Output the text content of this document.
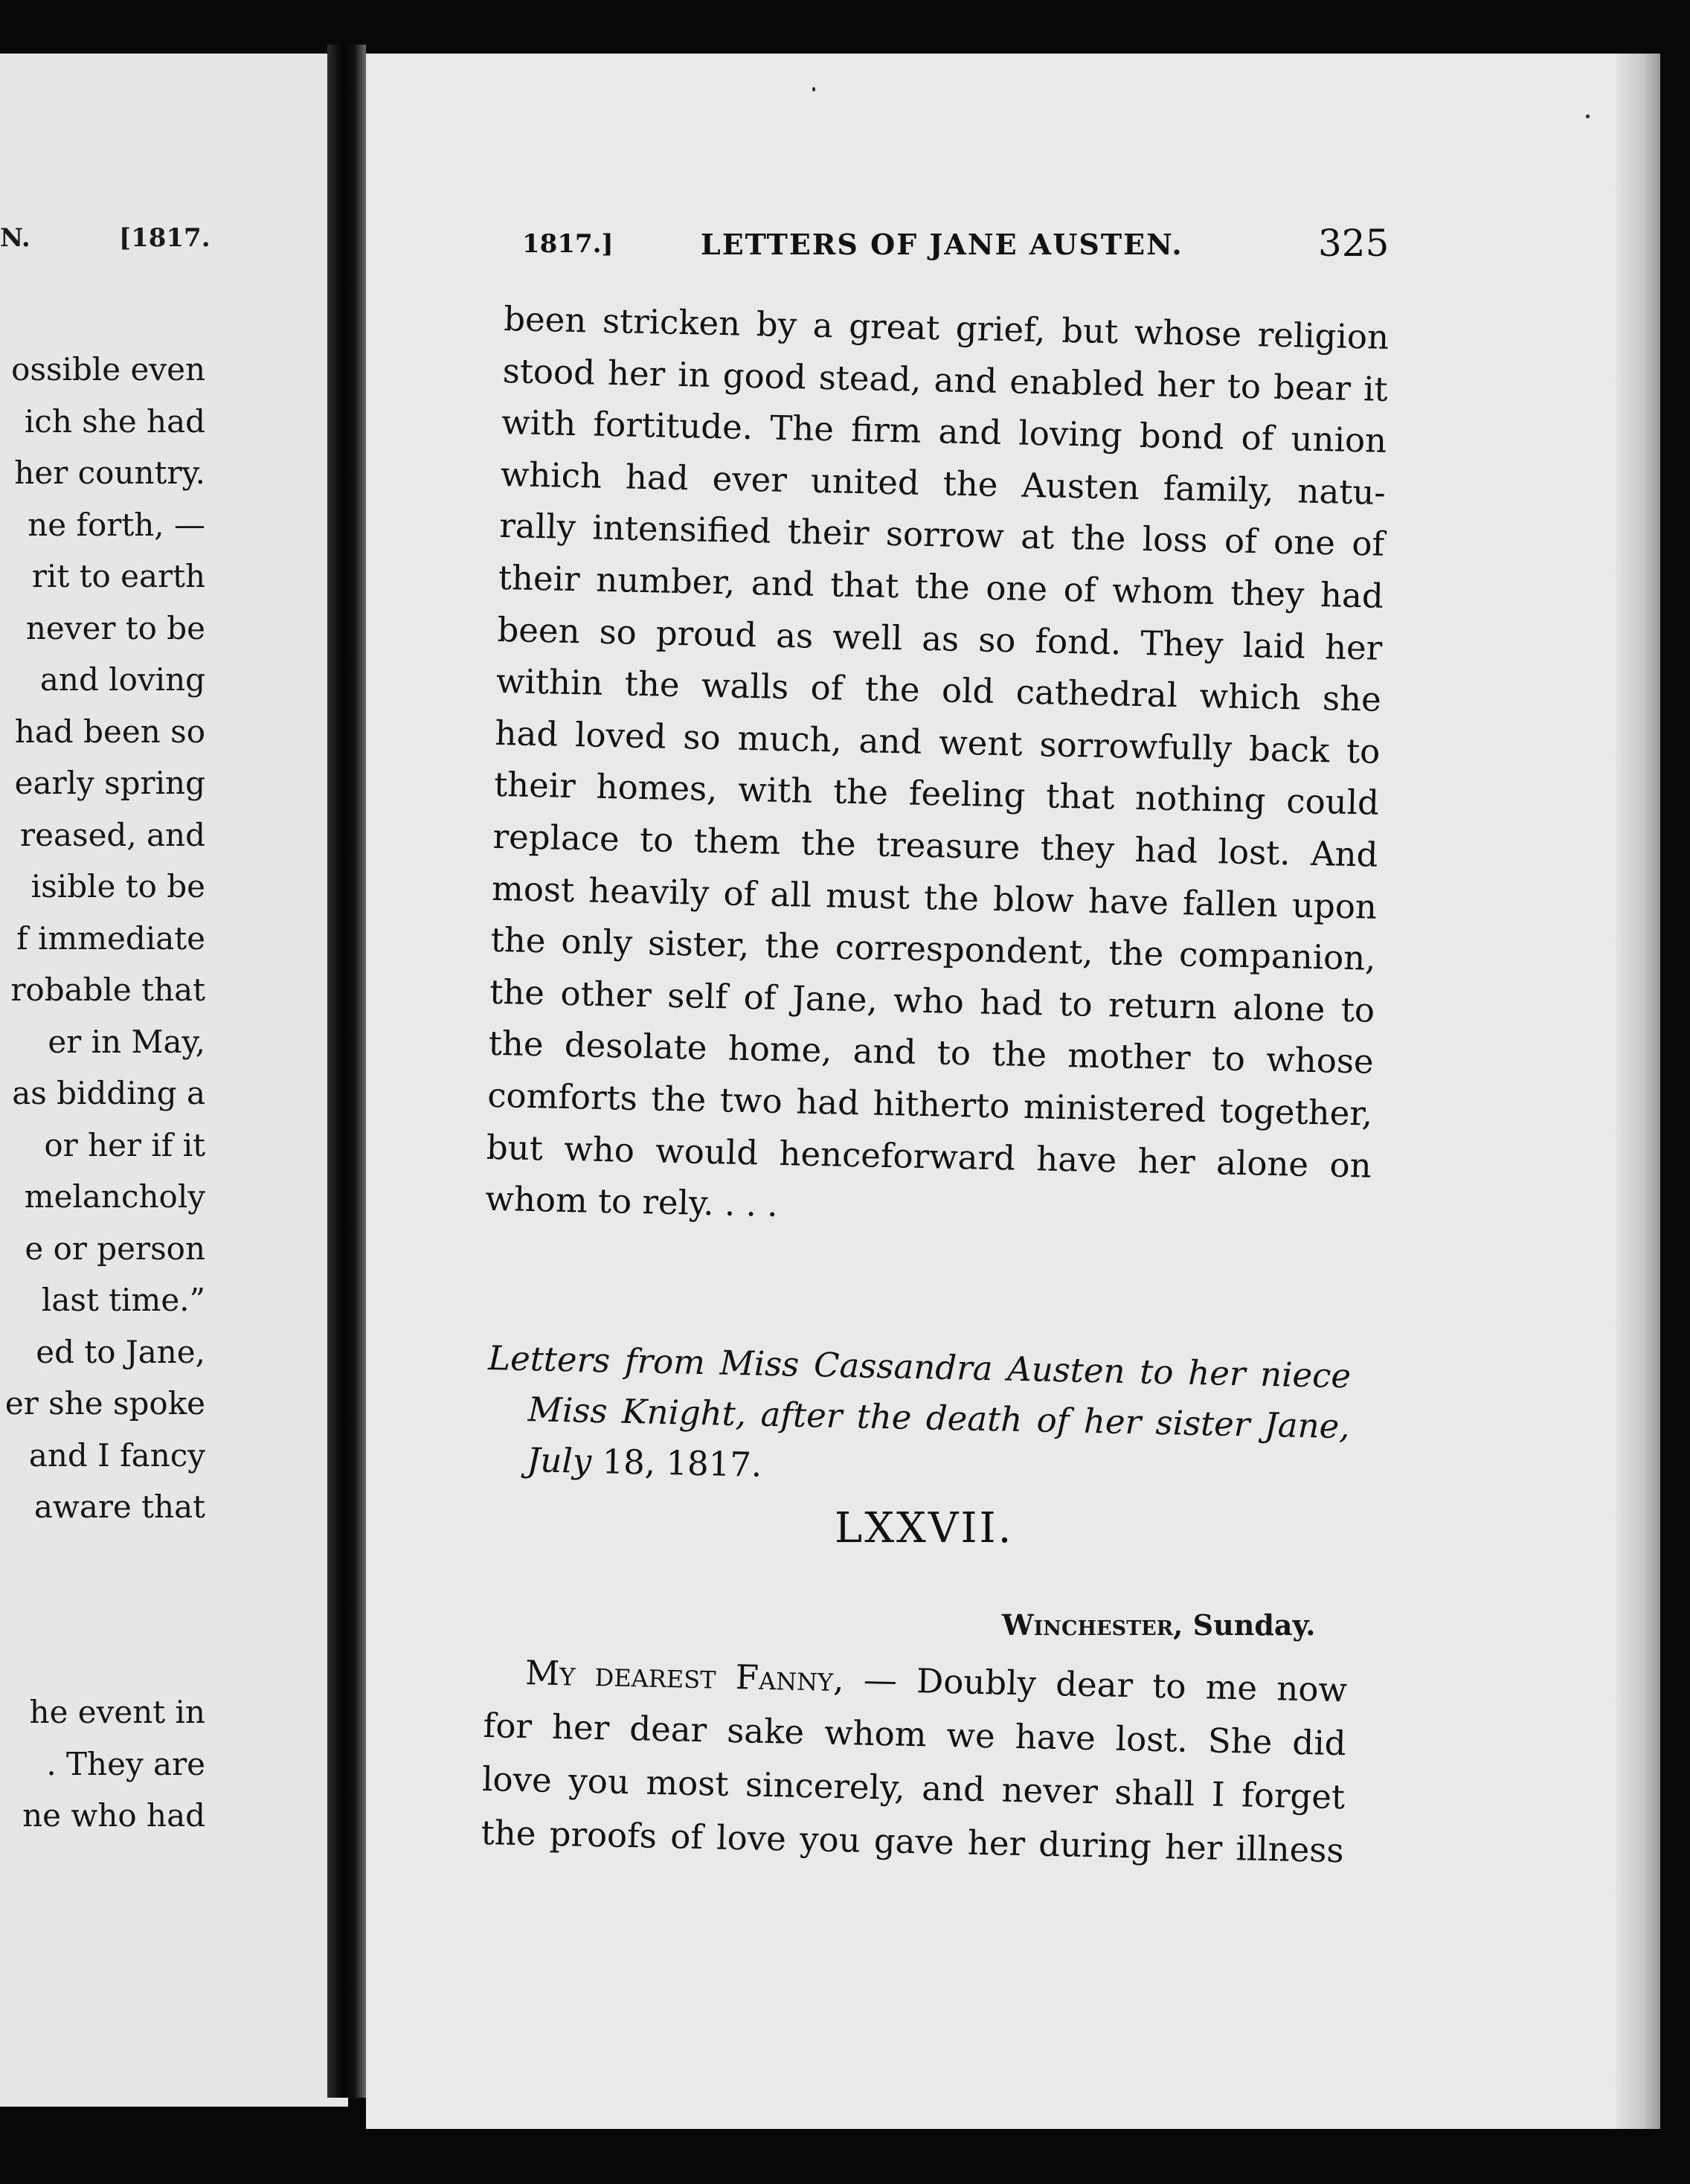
N.	[1817.
ossible even
ich she had
her country.
ne forth, —
rit to earth
never to be
and loving
had been so
early spring
reased, and
isible to be
f immediate
robable that
er in May,
as bidding a
or her if it
melancholy
e or person
last time.”
ed to Jane,
er she spoke
and I fancy
aware that
he event in
. They are
ne who had
1817.]	LETTERS OF JANE AUSTEN.	325
been stricken by a great grief, but whose religion
stood her in good stead, and enabled her to bear it
with fortitude. The firm and loving bond of union
which had ever united the Austen family, natu-
rally intensified their sorrow at the loss of one of
their number, and that the one of whom they had
been so proud as well as so fond. They laid her
within the walls of the old cathedral which she
had loved so much, and went sorrowfully back to
their homes, with the feeling that nothing could
replace to them the treasure they had lost. And
most heavily of all must the blow have fallen upon
the only sister, the correspondent, the companion,
the other self of Jane, who had to return alone to
the desolate home, and to the mother to whose
comforts the two had hitherto ministered together,
but who would henceforward have her alone on
whom to rely. . . .
Letters from Miss Cassandra Austen to her niece
Miss Knight, after the death of her sister Jane,
July 18, 1817.
LXXVII.
Winchester, Sunday.
My dearest Fanny, — Doubly dear to me now
for her dear sake whom we have lost. She did
love you most sincerely, and never shall I forget
the proofs of love you gave her during her illness
